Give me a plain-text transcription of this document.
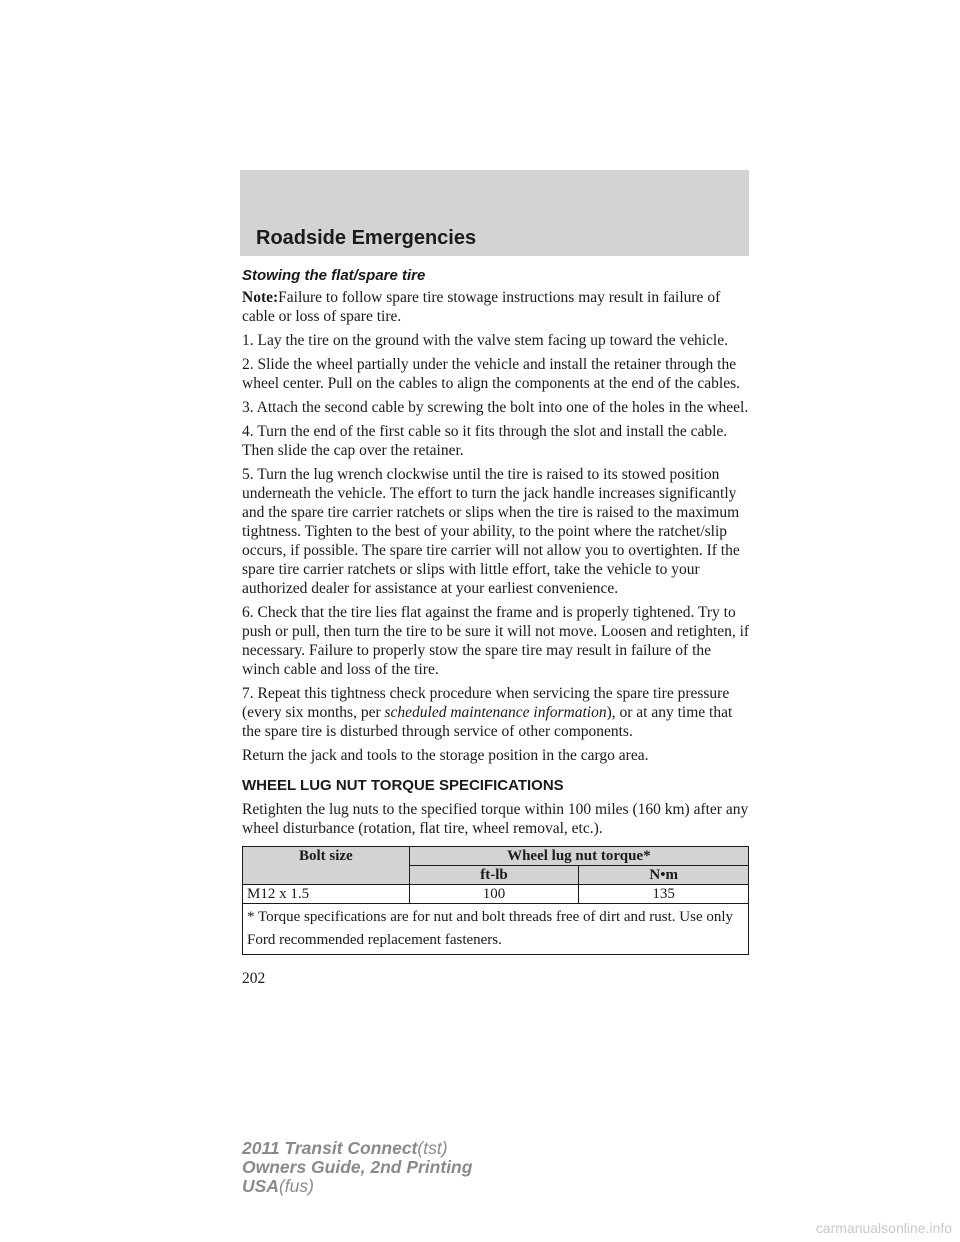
Roadside Emergencies
Stowing the flat/spare tire

Note:Failure to follow spare tire stowage instructions may result in failure of cable or loss of spare tire.

1. Lay the tire on the ground with the valve stem facing up toward the vehicle.

2. Slide the wheel partially under the vehicle and install the retainer through the wheel center. Pull on the cables to align the components at the end of the cables.

3. Attach the second cable by screwing the bolt into one of the holes in the wheel.

4. Turn the end of the first cable so it fits through the slot and install the cable. Then slide the cap over the retainer.

5. Turn the lug wrench clockwise until the tire is raised to its stowed position underneath the vehicle. The effort to turn the jack handle increases significantly and the spare tire carrier ratchets or slips when the tire is raised to the maximum tightness. Tighten to the best of your ability, to the point where the ratchet/slip occurs, if possible. The spare tire carrier will not allow you to overtighten. If the spare tire carrier ratchets or slips with little effort, take the vehicle to your authorized dealer for assistance at your earliest convenience.

6. Check that the tire lies flat against the frame and is properly tightened. Try to push or pull, then turn the tire to be sure it will not move. Loosen and retighten, if necessary. Failure to properly stow the spare tire may result in failure of the winch cable and loss of the tire.

7. Repeat this tightness check procedure when servicing the spare tire pressure (every six months, per scheduled maintenance information), or at any time that the spare tire is disturbed through service of other components.

Return the jack and tools to the storage position in the cargo area.

WHEEL LUG NUT TORQUE SPECIFICATIONS

Retighten the lug nuts to the specified torque within 100 miles (160 km) after any wheel disturbance (rotation, flat tire, wheel removal, etc.).

Bolt size	Wheel lug nut torque*	
	ft-lb	N•m
M12 x 1.5	100	135
* Torque specifications are for nut and bolt threads free of dirt and rust. Use only Ford recommended replacement fasteners.		
202
2011 Transit Connect(tst)
Owners Guide, 2nd Printing
USA(fus)
carmanualsonline.info
